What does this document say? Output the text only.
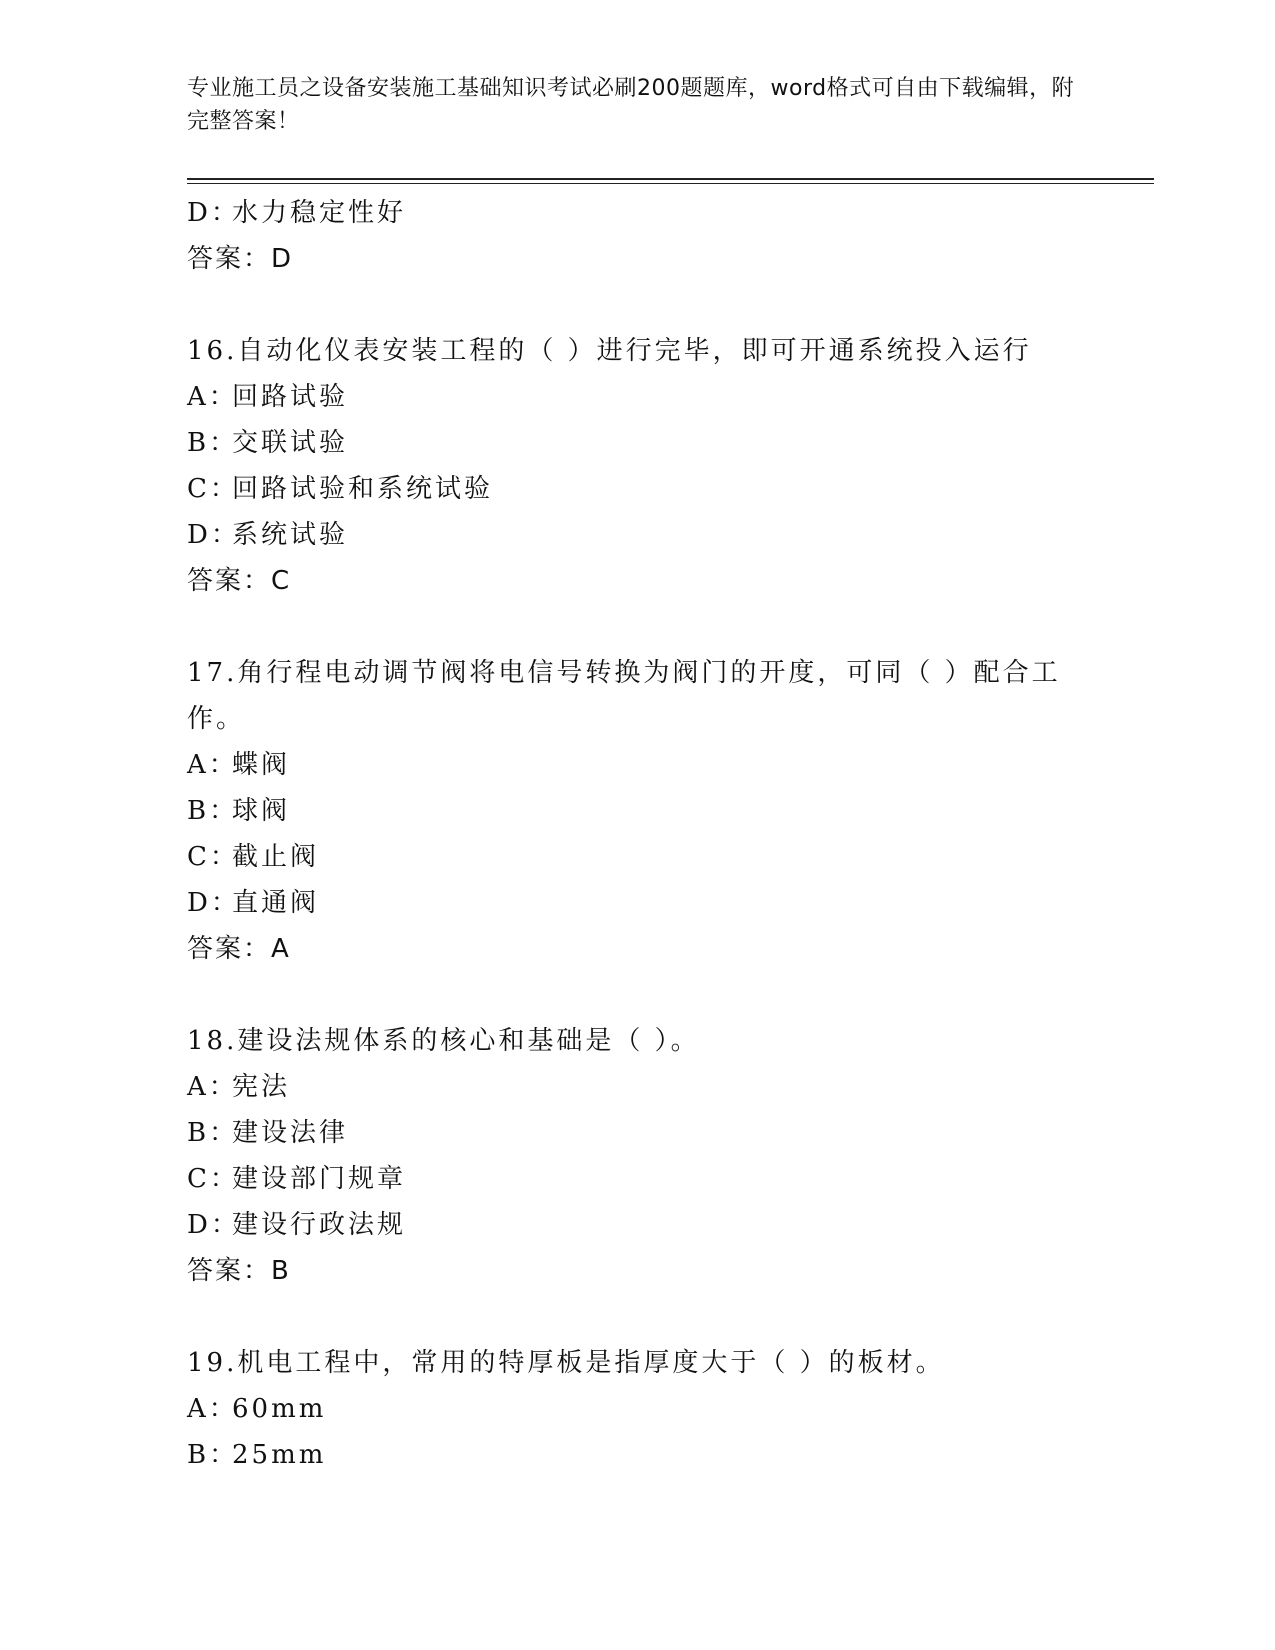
专业施工员之设备安装施工基础知识考试必刷200题题库，word格式可自由下载编辑，附完整答案！
D：水力稳定性好
答案：D
16.自动化仪表安装工程的（ ）进行完毕，即可开通系统投入运行
A：回路试验
B：交联试验
C：回路试验和系统试验
D：系统试验
答案：C
17.角行程电动调节阀将电信号转换为阀门的开度，可同（ ）配合工作。
A：蝶阀
B：球阀
C：截止阀
D：直通阀
答案：A
18.建设法规体系的核心和基础是（ ）。
A：宪法
B：建设法律
C：建设部门规章
D：建设行政法规
答案：B
19.机电工程中，常用的特厚板是指厚度大于（ ）的板材。
A：60mm
B：25mm
